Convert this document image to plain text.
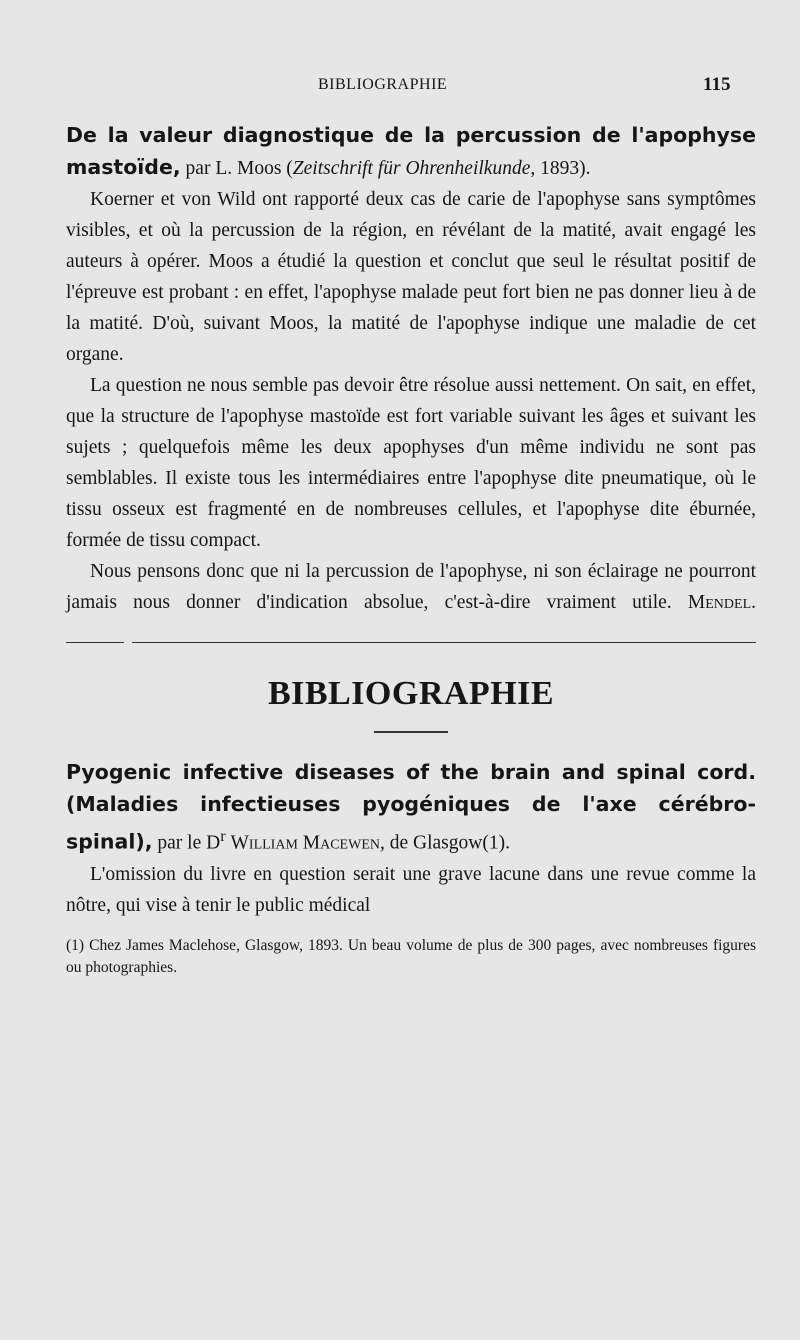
BIBLIOGRAPHIE	115

De la valeur diagnostique de la percussion de l'apophyse mastoïde, par L. Moos (Zeitschrift für Ohrenheilkunde, 1893).

Koerner et von Wild ont rapporté deux cas de carie de l'apophyse sans symptômes visibles, et où la percussion de la région, en révélant de la matité, avait engagé les auteurs à opérer. Moos a étudié la question et conclut que seul le résultat positif de l'épreuve est probant : en effet, l'apophyse malade peut fort bien ne pas donner lieu à de la matité. D'où, suivant Moos, la matité de l'apophyse indique une maladie de cet organe.

La question ne nous semble pas devoir être résolue aussi nettement. On sait, en effet, que la structure de l'apophyse mastoïde est fort variable suivant les âges et suivant les sujets ; quelquefois même les deux apophyses d'un même individu ne sont pas semblables. Il existe tous les intermédiaires entre l'apophyse dite pneumatique, où le tissu osseux est fragmenté en de nombreuses cellules, et l'apophyse dite éburnée, formée de tissu compact.

Nous pensons donc que ni la percussion de l'apophyse, ni son éclairage ne pourront jamais nous donner d'indication absolue, c'est-à-dire vraiment utile. Mendel.

BIBLIOGRAPHIE

Pyogenic infective diseases of the brain and spinal cord. (Maladies infectieuses pyogéniques de l'axe cérébro-spinal), par le $D^r$ William Macewen, de Glasgow(1).

L'omission du livre en question serait une grave lacune dans une revue comme la nôtre, qui vise à tenir le public médical

(1) Chez James Maclehose, Glasgow, 1893. Un beau volume de plus de 300 pages, avec nombreuses figures ou photographies.
